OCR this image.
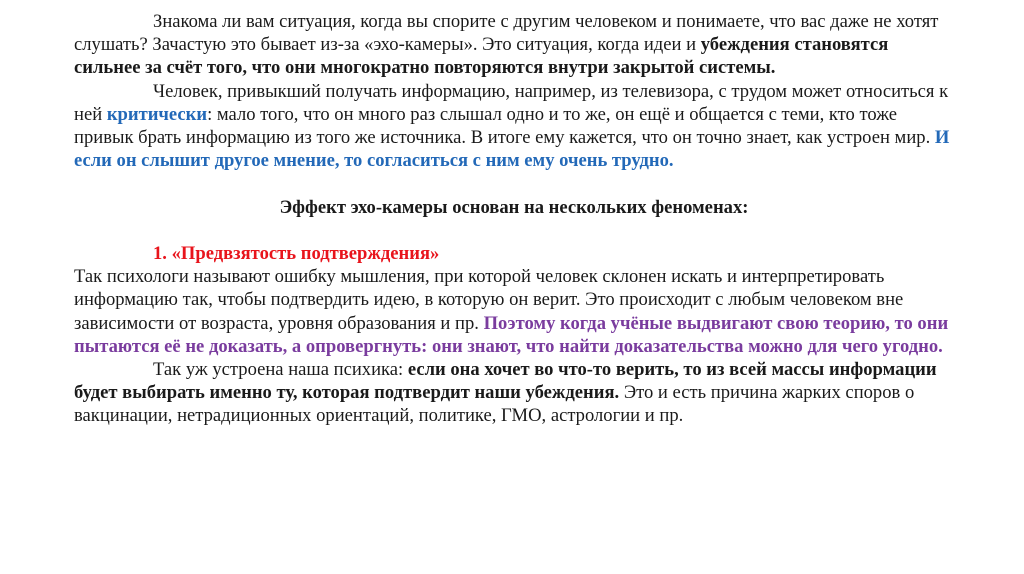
Знакома ли вам ситуация, когда вы спорите с другим человеком и понимаете, что вас даже не хотят слушать? Зачастую это бывает из-за «эхо-камеры». Это ситуация, когда идеи и убеждения становятся сильнее за счёт того, что они многократно повторяются внутри закрытой системы.

Человек, привыкший получать информацию, например, из телевизора, с трудом может относиться к ней критически: мало того, что он много раз слышал одно и то же, он ещё и общается с теми, кто тоже привык брать информацию из того же источника. В итоге ему кажется, что он точно знает, как устроен мир. И если он слышит другое мнение, то согласиться с ним ему очень трудно.

Эффект эхо-камеры основан на нескольких феноменах:

1. «Предвзятость подтверждения»

Так психологи называют ошибку мышления, при которой человек склонен искать и интерпретировать информацию так, чтобы подтвердить идею, в которую он верит. Это происходит с любым человеком вне зависимости от возраста, уровня образования и пр. Поэтому когда учёные выдвигают свою теорию, то они пытаются её не доказать, а опровергнуть: они знают, что найти доказательства можно для чего угодно.

Так уж устроена наша психика: если она хочет во что-то верить, то из всей массы информации будет выбирать именно ту, которая подтвердит наши убеждения. Это и есть причина жарких споров о вакцинации, нетрадиционных ориентаций, политике, ГМО, астрологии и пр.
